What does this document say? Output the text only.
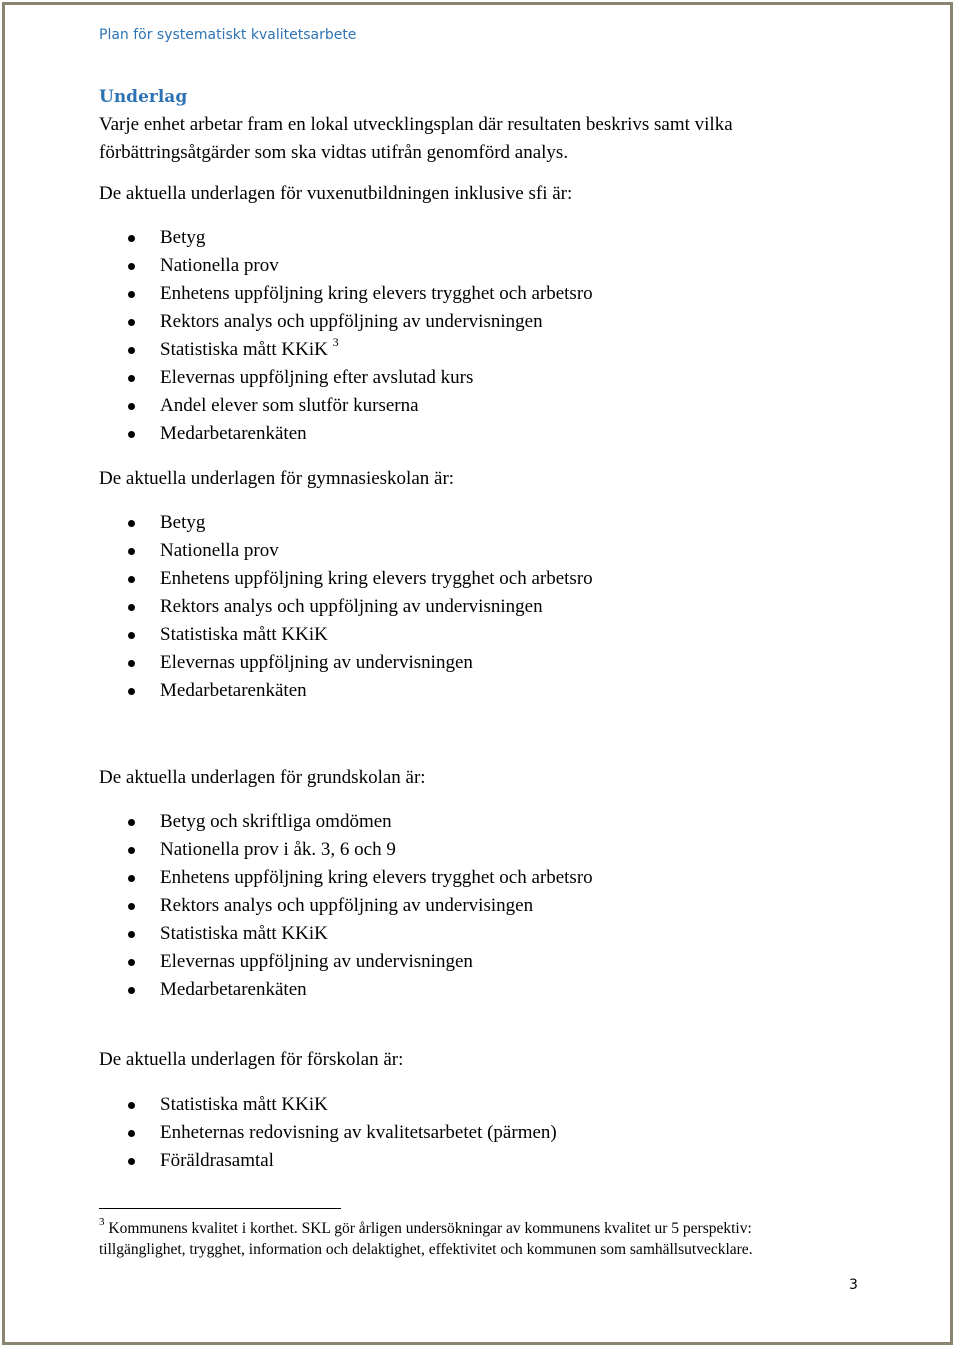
Plan för systematiskt kvalitetsarbete
Underlag
Varje enhet arbetar fram en lokal utvecklingsplan där resultaten beskrivs samt vilka
förbättringsåtgärder som ska vidtas utifrån genomförd analys.
De aktuella underlagen för vuxenutbildningen inklusive sfi är:
Betyg
Nationella prov
Enhetens uppföljning kring elevers trygghet och arbetsro
Rektors analys och uppföljning av undervisningen
Statistiska mått KKiK $^3$
Elevernas uppföljning efter avslutad kurs
Andel elever som slutför kurserna
Medarbetarenkäten
De aktuella underlagen för gymnasieskolan är:
Betyg
Nationella prov
Enhetens uppföljning kring elevers trygghet och arbetsro
Rektors analys och uppföljning av undervisningen
Statistiska mått KKiK
Elevernas uppföljning av undervisningen
Medarbetarenkäten
De aktuella underlagen för grundskolan är:
Betyg och skriftliga omdömen
Nationella prov i åk. 3, 6 och 9
Enhetens uppföljning kring elevers trygghet och arbetsro
Rektors analys och uppföljning av undervisingen
Statistiska mått KKiK
Elevernas uppföljning av undervisningen
Medarbetarenkäten
De aktuella underlagen för förskolan är:
Statistiska mått KKiK
Enheternas redovisning av kvalitetsarbetet (pärmen)
Föräldrasamtal
$^3$ Kommunens kvalitet i korthet. SKL gör årligen undersökningar av kommunens kvalitet ur 5 perspektiv:
tillgänglighet, trygghet, information och delaktighet, effektivitet och kommunen som samhällsutvecklare.
3
